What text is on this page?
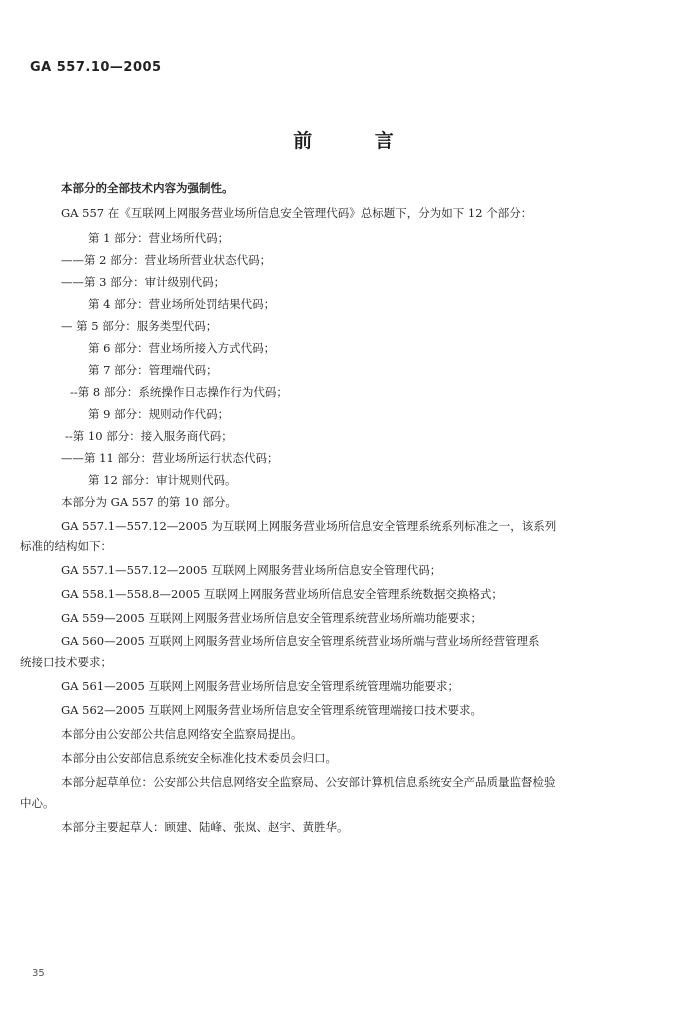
GA 557.10—2005
前 言
本部分的全部技术内容为强制性。
GA 557 在《互联网上网服务营业场所信息安全管理代码》总标题下，分为如下 12 个部分：
第 1 部分：营业场所代码；
——第 2 部分：营业场所营业状态代码；
——第 3 部分：审计级别代码；
第 4 部分：营业场所处罚结果代码；
— 第 5 部分：服务类型代码；
第 6 部分：营业场所接入方式代码；
第 7 部分：管理端代码；
--第 8 部分：系统操作日志操作行为代码；
第 9 部分：规则动作代码；
--第 10 部分：接入服务商代码；
——第 11 部分：营业场所运行状态代码；
第 12 部分：审计规则代码。
本部分为 GA 557 的第 10 部分。
GA 557.1—557.12—2005 为互联网上网服务营业场所信息安全管理系统系列标准之一，该系列
标准的结构如下：
GA 557.1—557.12—2005 互联网上网服务营业场所信息安全管理代码；
GA 558.1—558.8—2005 互联网上网服务营业场所信息安全管理系统数据交换格式；
GA 559—2005 互联网上网服务营业场所信息安全管理系统营业场所端功能要求；
GA 560—2005 互联网上网服务营业场所信息安全管理系统营业场所端与营业场所经营管理系
统接口技术要求；
GA 561—2005 互联网上网服务营业场所信息安全管理系统管理端功能要求；
GA 562—2005 互联网上网服务营业场所信息安全管理系统管理端接口技术要求。
本部分由公安部公共信息网络安全监察局提出。
本部分由公安部信息系统安全标准化技术委员会归口。
本部分起草单位：公安部公共信息网络安全监察局、公安部计算机信息系统安全产品质量监督检验
中心。
本部分主要起草人：顾建、陆峰、张岚、赵宇、黄胜华。
35
